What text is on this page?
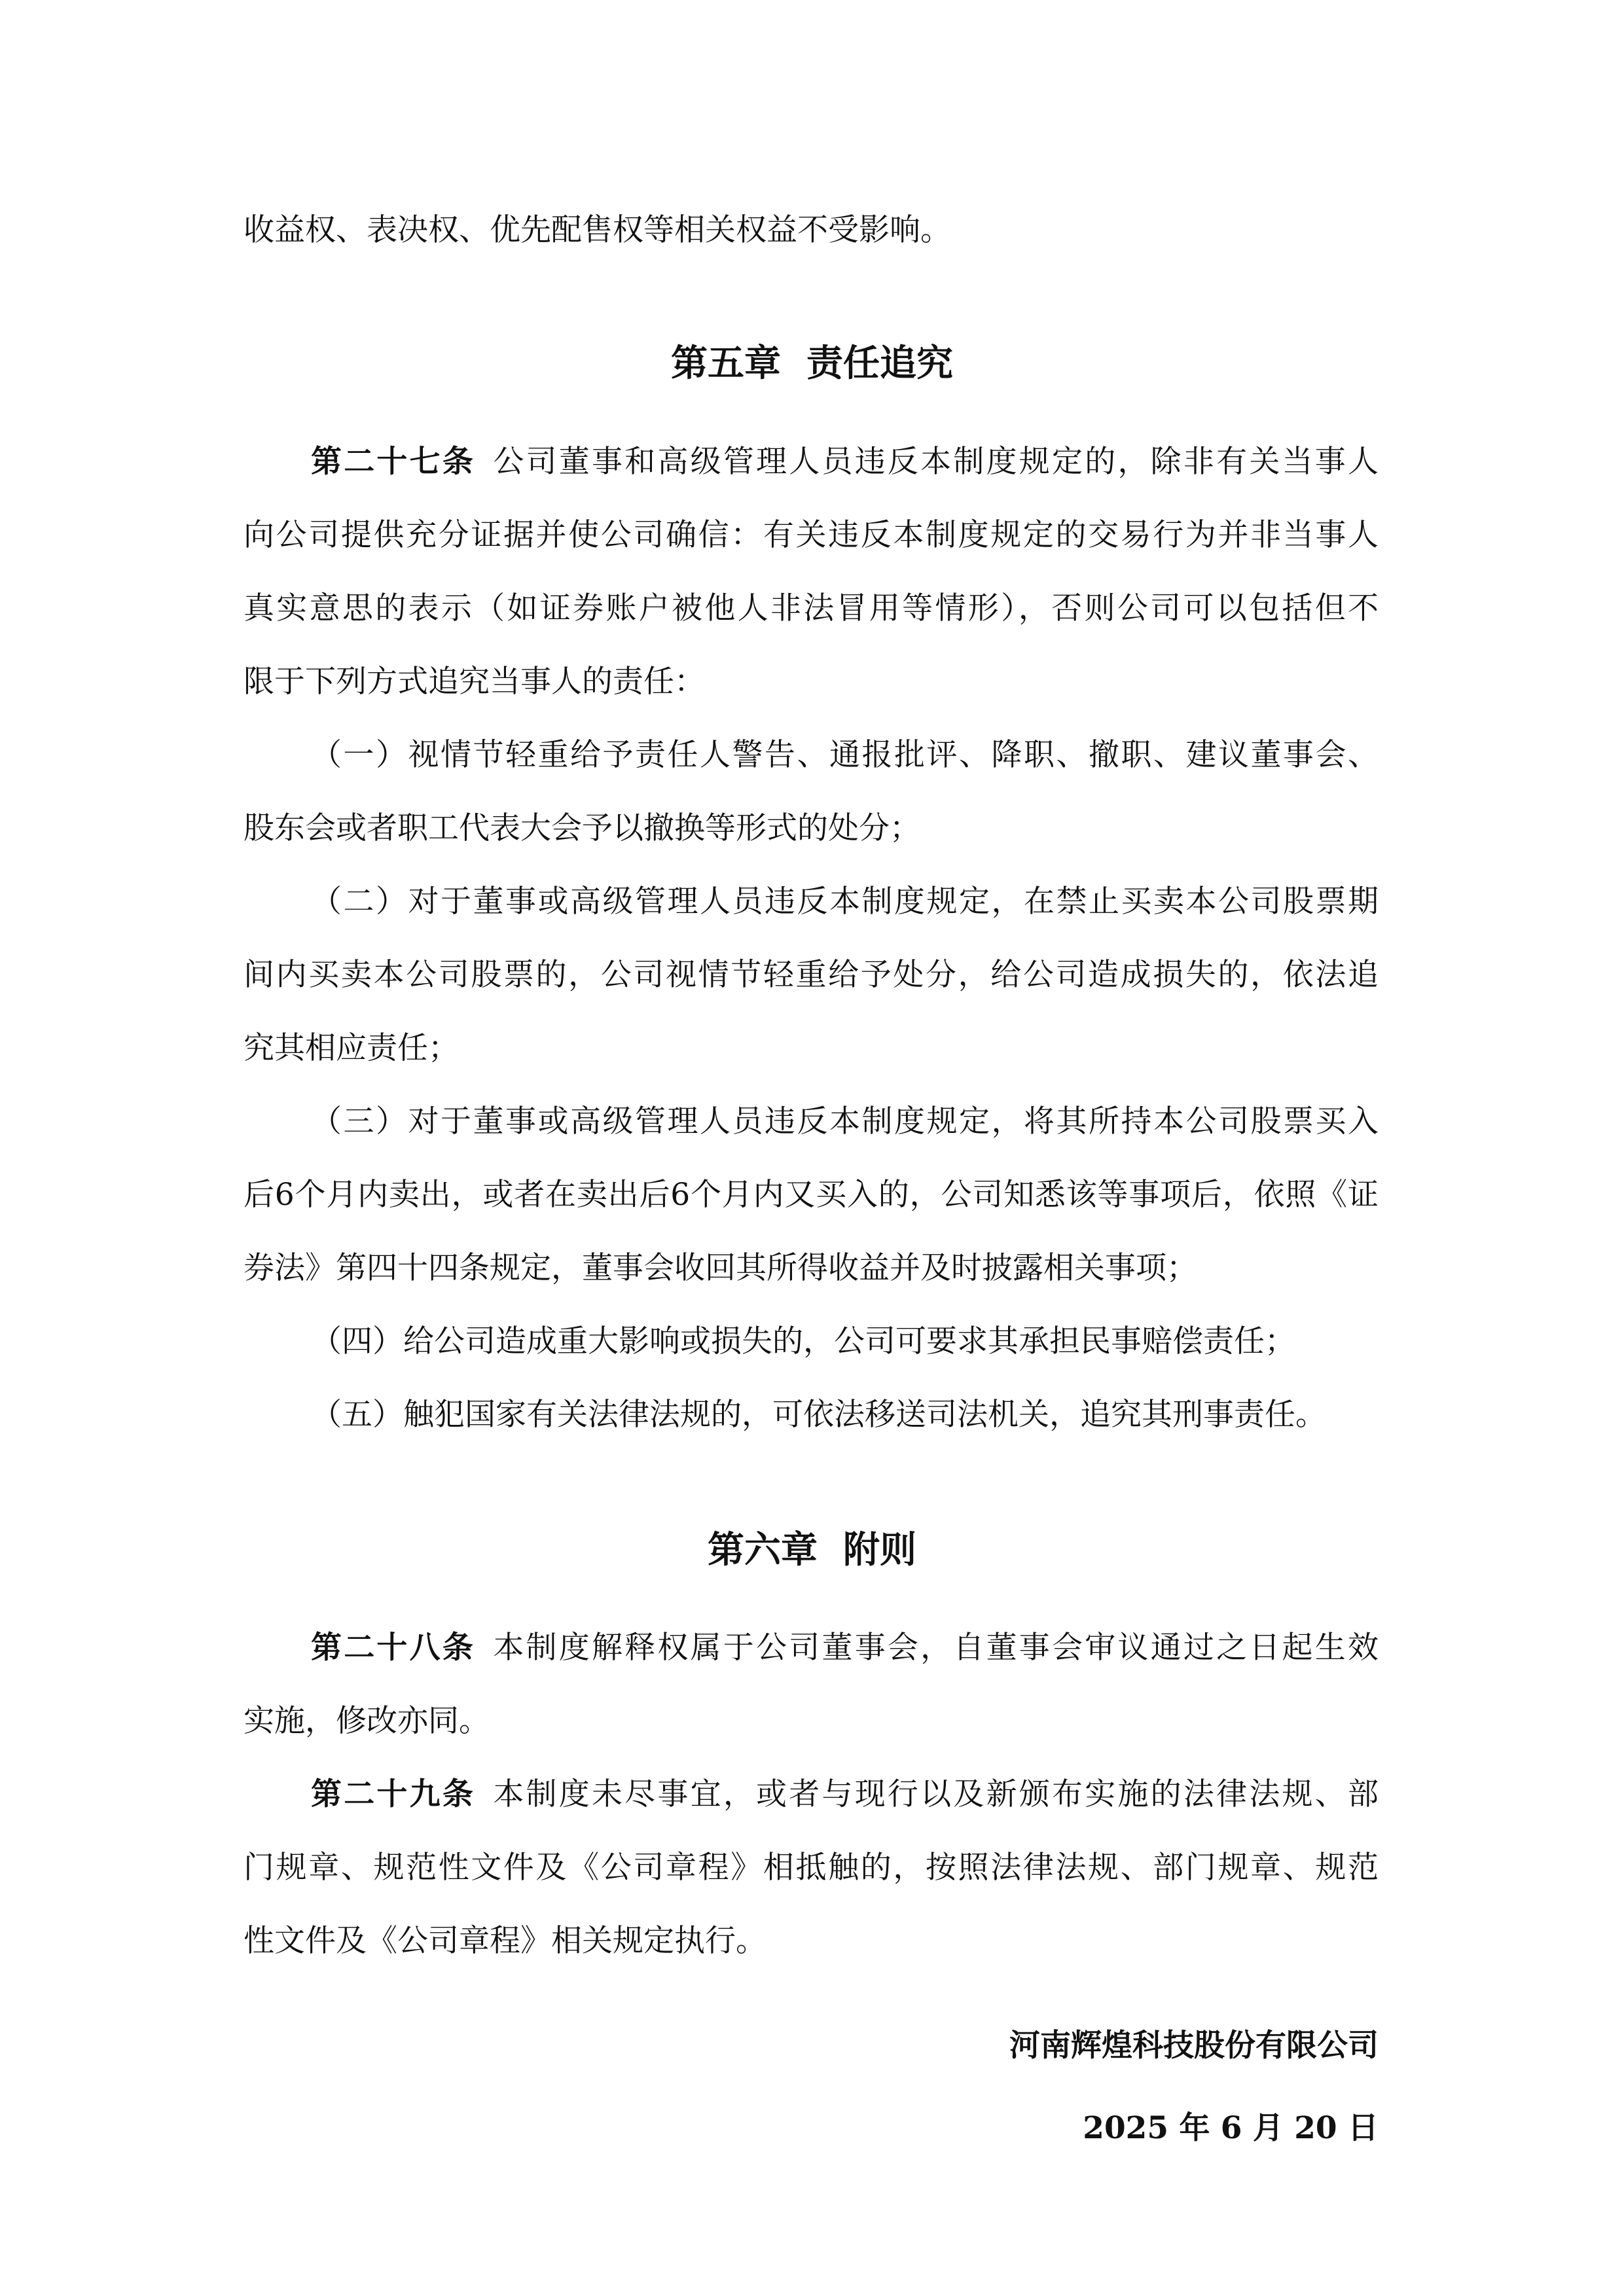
收益权、表决权、优先配售权等相关权益不受影响。
第五章  责任追究
第二十七条 公司董事和高级管理人员违反本制度规定的，除非有关当事人
向公司提供充分证据并使公司确信：有关违反本制度规定的交易行为并非当事人
真实意思的表示（如证券账户被他人非法冒用等情形），否则公司可以包括但不
限于下列方式追究当事人的责任：
（一）视情节轻重给予责任人警告、通报批评、降职、撤职、建议董事会、
股东会或者职工代表大会予以撤换等形式的处分；
（二）对于董事或高级管理人员违反本制度规定，在禁止买卖本公司股票期
间内买卖本公司股票的，公司视情节轻重给予处分，给公司造成损失的，依法追
究其相应责任；
（三）对于董事或高级管理人员违反本制度规定，将其所持本公司股票买入
后6个月内卖出，或者在卖出后6个月内又买入的，公司知悉该等事项后，依照《证
券法》第四十四条规定，董事会收回其所得收益并及时披露相关事项；
（四）给公司造成重大影响或损失的，公司可要求其承担民事赔偿责任；
（五）触犯国家有关法律法规的，可依法移送司法机关，追究其刑事责任。
第六章  附则
第二十八条 本制度解释权属于公司董事会，自董事会审议通过之日起生效
实施，修改亦同。
第二十九条 本制度未尽事宜，或者与现行以及新颁布实施的法律法规、部
门规章、规范性文件及《公司章程》相抵触的，按照法律法规、部门规章、规范
性文件及《公司章程》相关规定执行。
河南辉煌科技股份有限公司
2025 年 6 月 20 日
